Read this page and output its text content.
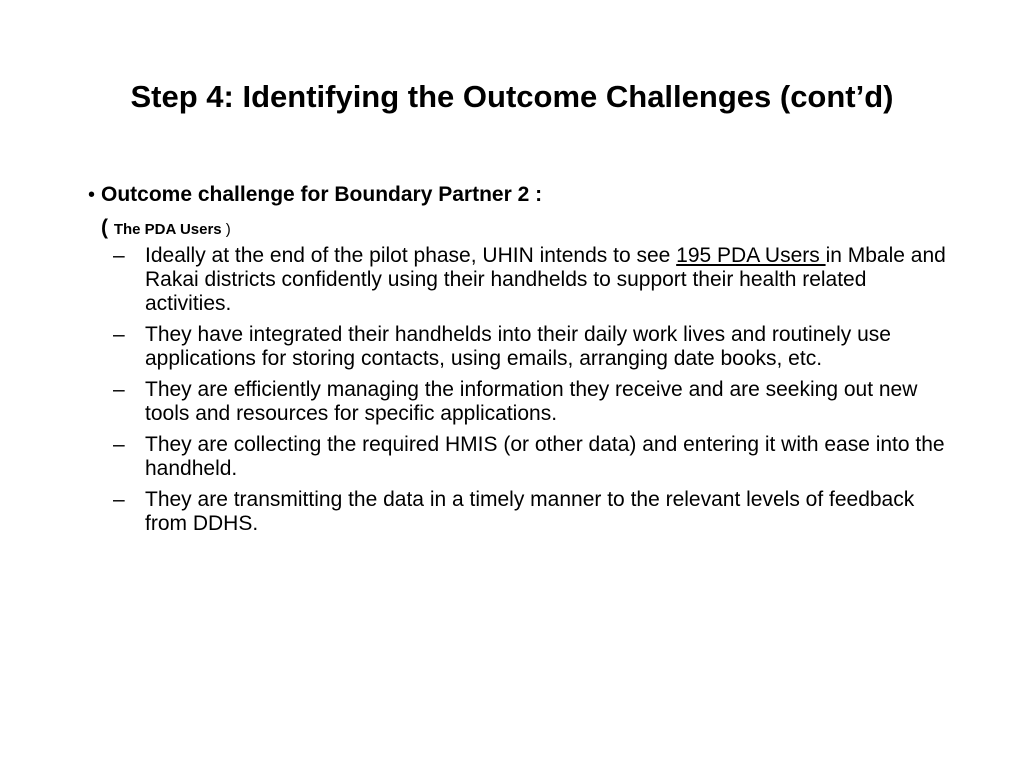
Step 4: Identifying the Outcome Challenges (cont’d)
• Outcome challenge for Boundary Partner 2 :
( The PDA Users )
– Ideally at the end of the pilot phase, UHIN intends to see 195 PDA Users in Mbale and Rakai districts confidently using their handhelds to support their health related activities.
– They have integrated their handhelds into their daily work lives and routinely use applications for storing contacts, using emails, arranging date books, etc.
– They are efficiently managing the information they receive and are seeking out new tools and resources for specific applications.
– They are collecting the required HMIS (or other data) and entering it with ease into the handheld.
– They are transmitting the data in a timely manner to the relevant levels of feedback from DDHS.
